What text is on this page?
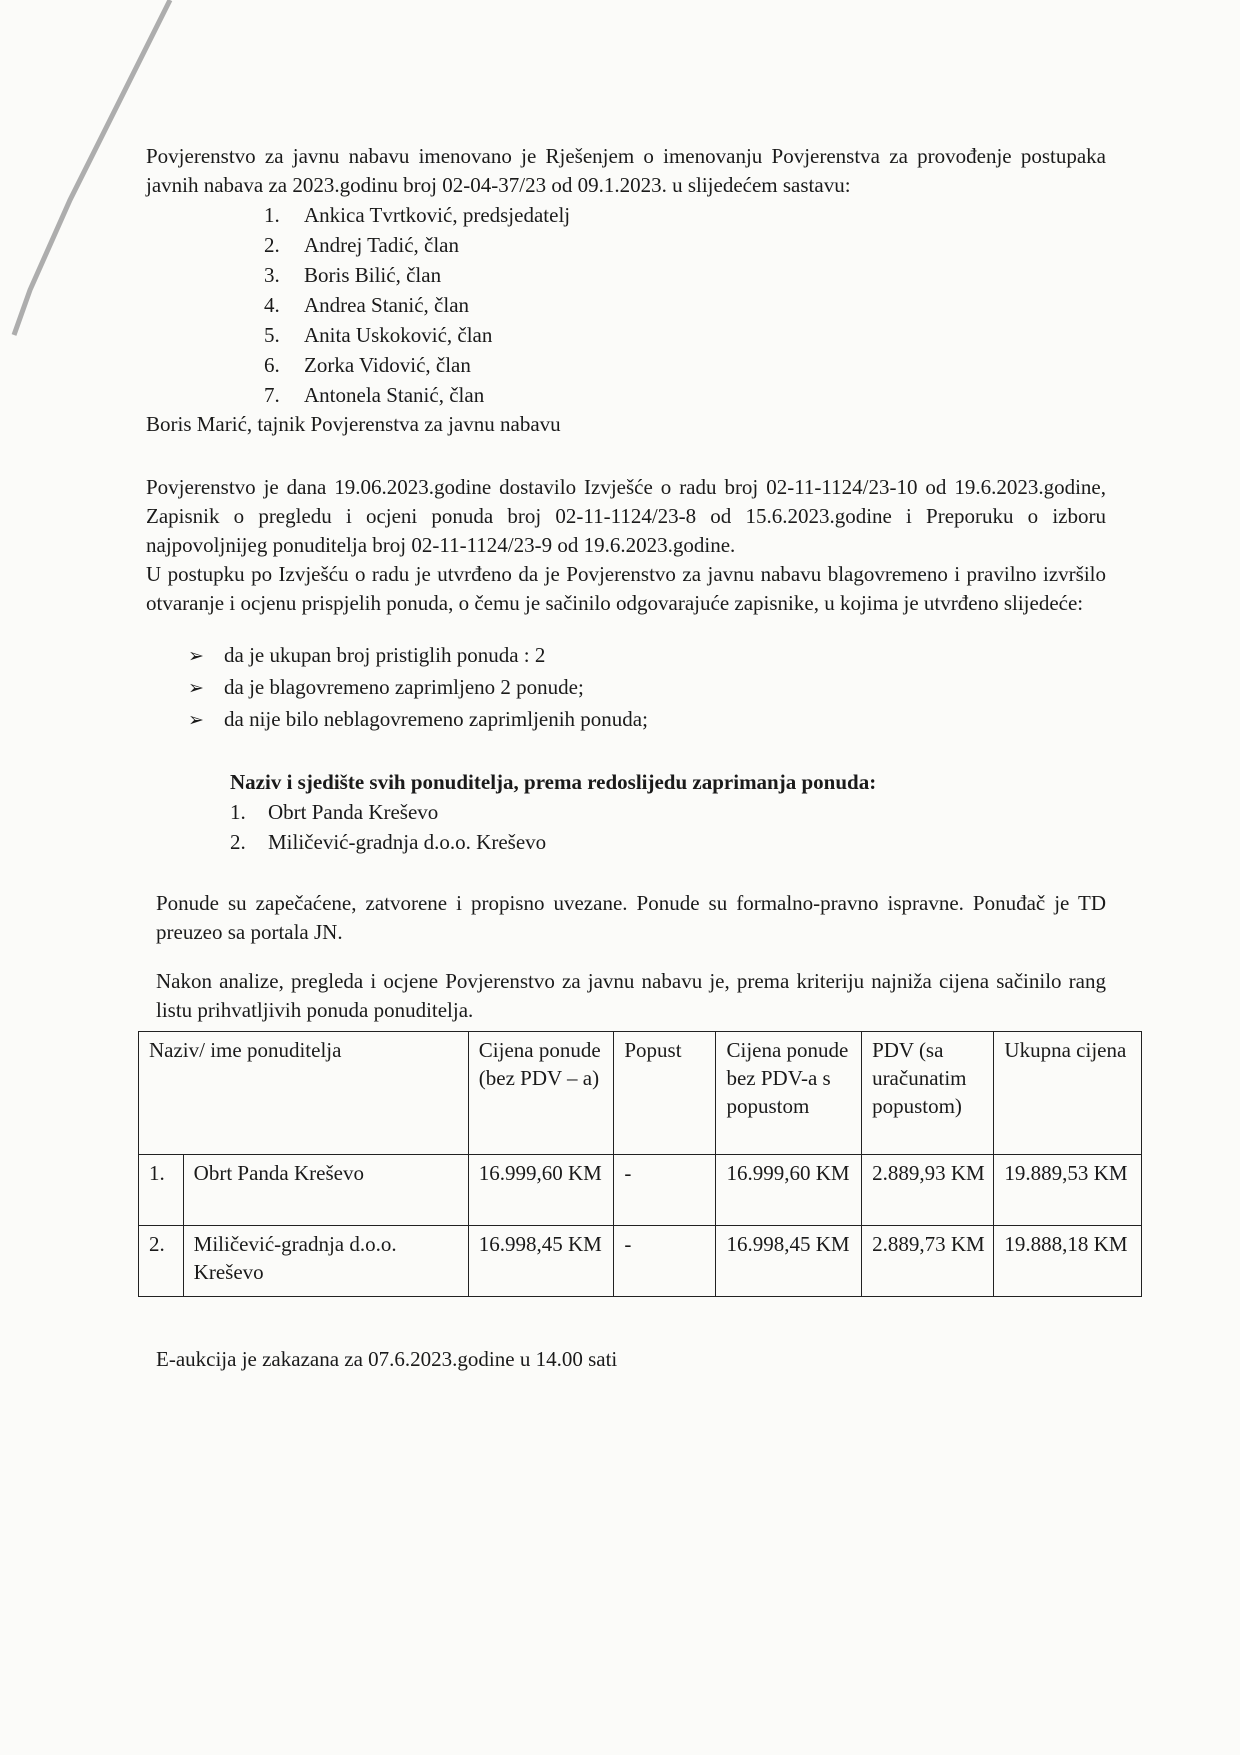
Povjerenstvo za javnu nabavu imenovano je Rješenjem o imenovanju Povjerenstva za provođenje postupaka javnih nabava za 2023.godinu broj 02-04-37/23 od 09.1.2023. u slijedećem sastavu:

1. Ankica Tvrtković, predsjedatelj
2. Andrej Tadić, član
3. Boris Bilić, član
4. Andrea Stanić, član
5. Anita Uskoković, član
6. Zorka Vidović, član
7. Antonela Stanić, član

Boris Marić, tajnik Povjerenstva za javnu nabavu

Povjerenstvo je dana 19.06.2023.godine dostavilo Izvješće o radu broj 02-11-1124/23-10 od 19.6.2023.godine, Zapisnik o pregledu i ocjeni ponuda broj 02-11-1124/23-8 od 15.6.2023.godine i Preporuku o izboru najpovoljnijeg ponuditelja broj 02-11-1124/23-9 od 19.6.2023.godine.

U postupku po Izvješću o radu je utvrđeno da je Povjerenstvo za javnu nabavu blagovremeno i pravilno izvršilo otvaranje i ocjenu prispjelih ponuda, o čemu je sačinilo odgovarajuće zapisnike, u kojima je utvrđeno slijedeće:

➢ da je ukupan broj pristiglih ponuda : 2
➢ da je blagovremeno zaprimljeno 2 ponude;
➢ da nije bilo neblagovremeno zaprimljenih ponuda;
Naziv i sjedište svih ponuditelja, prema redoslijedu zaprimanja ponuda:
1. Obrt Panda Kreševo
2. Miličević-gradnja d.o.o. Kreševo

Ponude su zapečaćene, zatvorene i propisno uvezane. Ponude su formalno-pravno ispravne. Ponuđač je TD preuzeo sa portala JN.

Nakon analize, pregleda i ocjene Povjerenstvo za javnu nabavu je, prema kriteriju najniža cijena sačinilo rang listu prihvatljivih ponuda ponuditelja.

Naziv/ ime ponuditelja		Cijena ponude (bez PDV – a)	Popust	Cijena ponude bez PDV-a s popustom	PDV (sa uračunatim popustom)	Ukupna cijena
1.	Obrt Panda Kreševo	16.999,60 KM	-	16.999,60 KM	2.889,93 KM	19.889,53 KM
2.	Miličević-gradnja d.o.o. Kreševo	16.998,45 KM	-	16.998,45 KM	2.889,73 KM	19.888,18 KM

E-aukcija je zakazana za 07.6.2023.godine u 14.00 sati
